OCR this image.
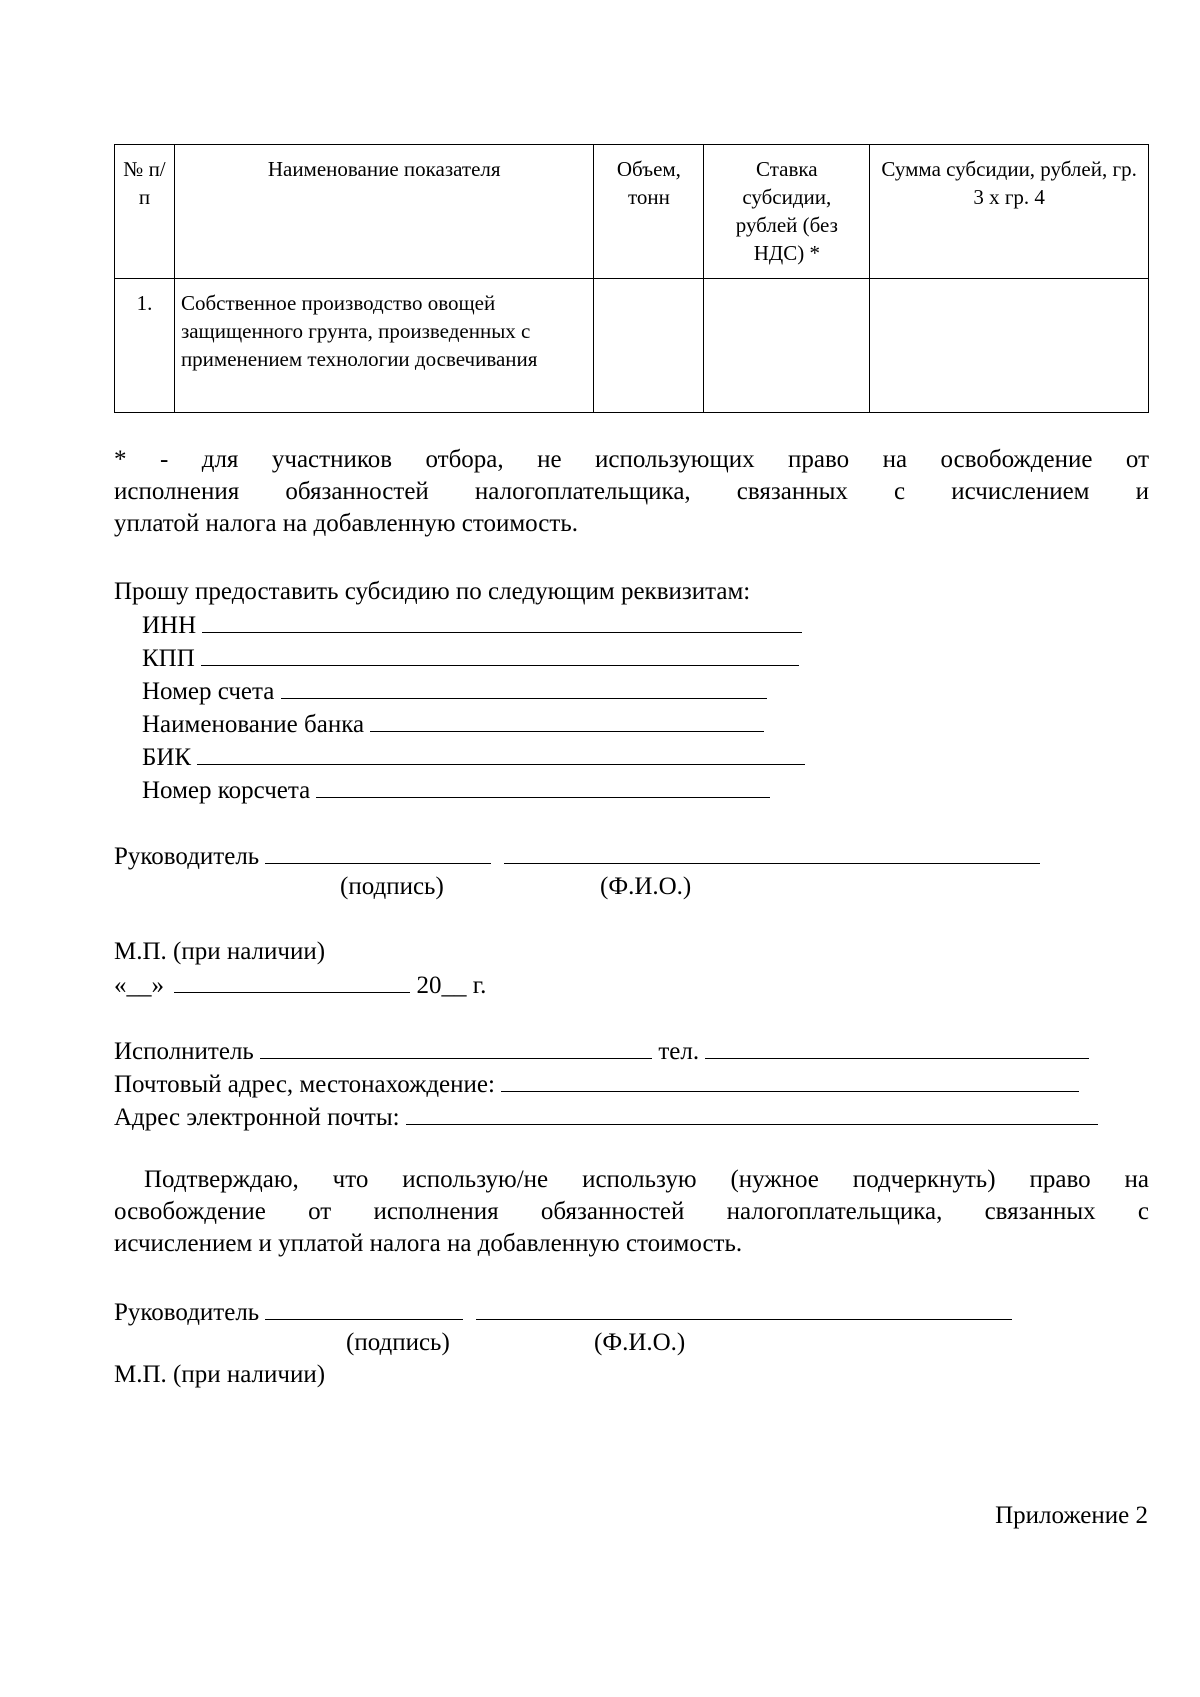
№ п/п	Наименование показателя	Объем, тонн	Ставка субсидии, рублей (без НДС) *	Сумма субсидии, рублей, гр. 3 х гр. 4
1.	Собственное производство овощей защищенного грунта, произведенных с применением технологии досвечивания			
* - для участников отбора, не использующих право на освобождение от
исполнения обязанностей налогоплательщика, связанных с исчислением и
уплатой налога на добавленную стоимость.
Прошу предоставить субсидию по следующим реквизитам:
ИНН
КПП
Номер счета
Наименование банка
БИК
Номер корсчета
Руководитель
(подпись)	(Ф.И.О.)
М.П. (при наличии)
«__»	20__ г.
Исполнитель	тел.
Почтовый адрес, местонахождение:
Адрес электронной почты:
Подтверждаю, что использую/не использую (нужное подчеркнуть) право на
освобождение от исполнения обязанностей налогоплательщика, связанных с
исчислением и уплатой налога на добавленную стоимость.
Руководитель
(подпись)	(Ф.И.О.)
М.П. (при наличии)
Приложение 2
